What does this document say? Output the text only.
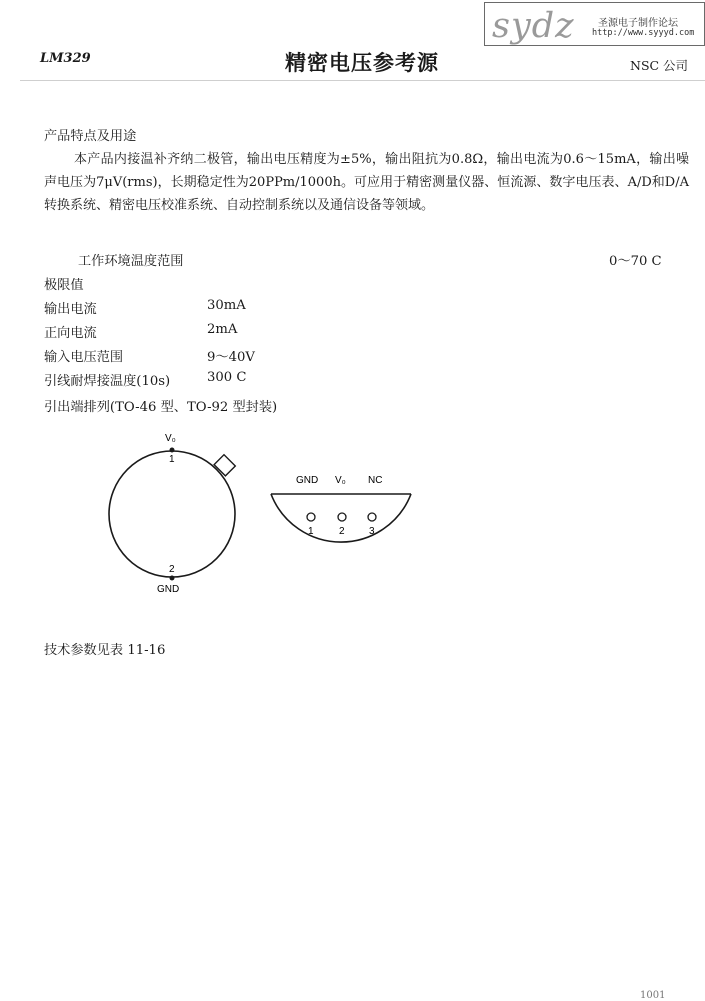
sydz 圣源电子制作论坛
http://www.syyyd.com
LM329	精密电压参考源	NSC 公司
产品特点及用途
本产品内接温补齐纳二极管，输出电压精度为±5%，输出阻抗为0.8Ω，输出电流为0.6～15mA，输出噪声电压为7μV(rms)，长期稳定性为20PPm/1000h。可应用于精密测量仪器、恒流源、数字电压表、A/D和D/A转换系统、精密电压校准系统、自动控制系统以及通信设备等领域。
工作环境温度范围	0～70 C
极限值
输出电流	30mA
正向电流	2mA
输入电压范围	9～40V
引线耐焊接温度(10s)	300 C
引出端排列(TO-46 型、TO-92 型封装)
V₀
1
2
GND
GND V₀ NC
1	2 3
技术参数见表 11-16
1001
